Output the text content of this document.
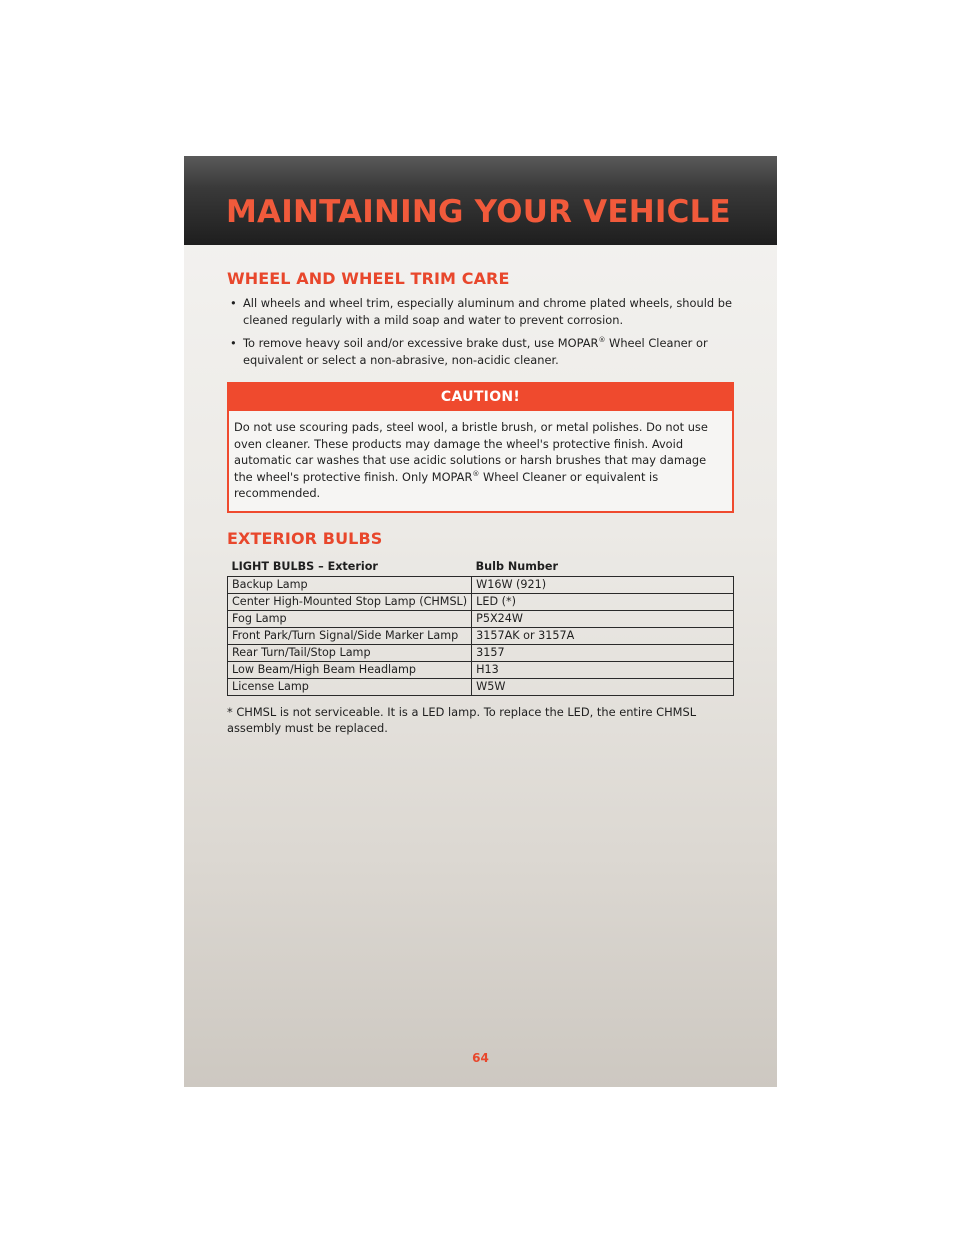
MAINTAINING YOUR VEHICLE
WHEEL AND WHEEL TRIM CARE
• All wheels and wheel trim, especially aluminum and chrome plated wheels, should be cleaned regularly with a mild soap and water to prevent corrosion.
• To remove heavy soil and/or excessive brake dust, use MOPAR® Wheel Cleaner or equivalent or select a non-abrasive, non-acidic cleaner.
CAUTION!
Do not use scouring pads, steel wool, a bristle brush, or metal polishes. Do not use oven cleaner. These products may damage the wheel's protective finish. Avoid automatic car washes that use acidic solutions or harsh brushes that may damage the wheel's protective finish. Only MOPAR® Wheel Cleaner or equivalent is recommended.
EXTERIOR BULBS
LIGHT BULBS – Exterior	Bulb Number
Backup Lamp	W16W (921)
Center High-Mounted Stop Lamp (CHMSL)	LED (*)
Fog Lamp	P5X24W
Front Park/Turn Signal/Side Marker Lamp	3157AK or 3157A
Rear Turn/Tail/Stop Lamp	3157
Low Beam/High Beam Headlamp	H13
License Lamp	W5W
* CHMSL is not serviceable. It is a LED lamp. To replace the LED, the entire CHMSL assembly must be replaced.
64
